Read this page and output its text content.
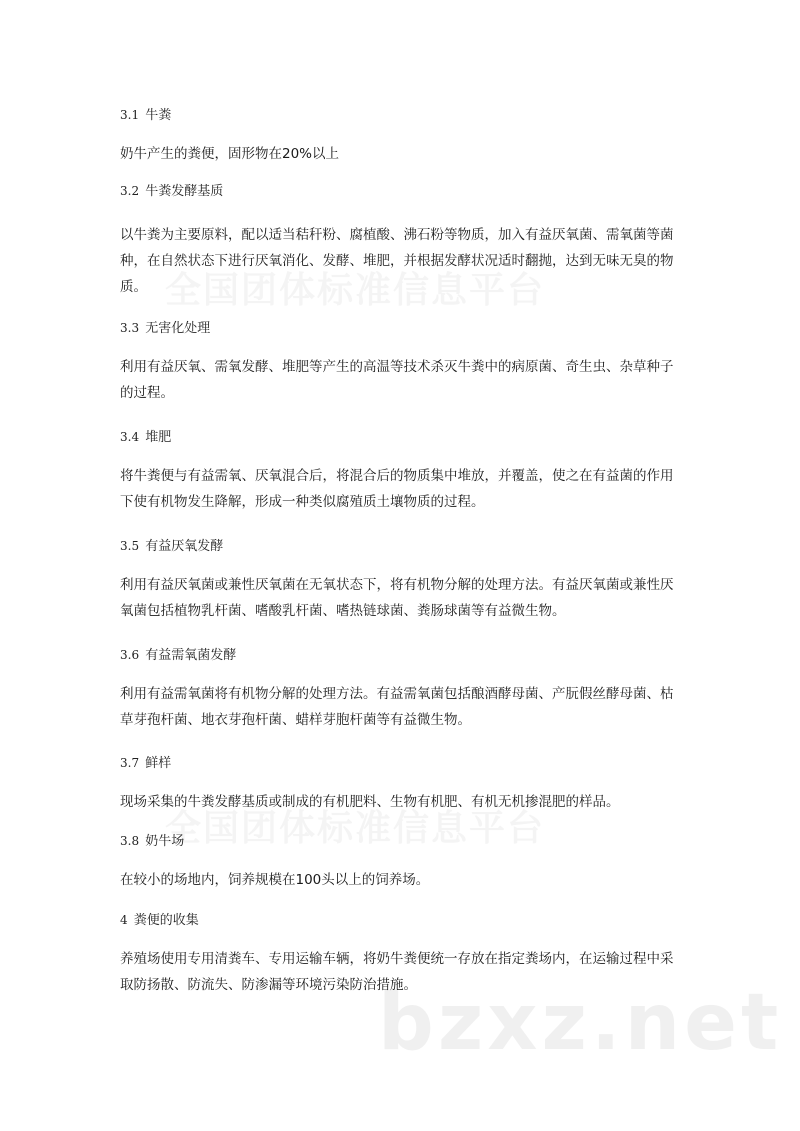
bzxz.net
3.1 牛粪
奶牛产生的粪便，固形物在20%以上
3.2 牛粪发酵基质
以牛粪为主要原料，配以适当秸秆粉、腐植酸、沸石粉等物质，加入有益厌氧菌、需氧菌等菌
种，在自然状态下进行厌氧消化、发酵、堆肥，并根据发酵状况适时翻抛，达到无味无臭的物
质。
3.3 无害化处理
利用有益厌氧、需氧发酵、堆肥等产生的高温等技术杀灭牛粪中的病原菌、奇生虫、杂草种子
的过程。
3.4 堆肥
将牛粪便与有益需氧、厌氧混合后，将混合后的物质集中堆放，并覆盖，使之在有益菌的作用
下使有机物发生降解，形成一种类似腐殖质土壤物质的过程。
3.5 有益厌氧发酵
利用有益厌氧菌或兼性厌氧菌在无氧状态下，将有机物分解的处理方法。有益厌氧菌或兼性厌
氧菌包括植物乳杆菌、嗜酸乳杆菌、嗜热链球菌、粪肠球菌等有益微生物。
3.6 有益需氧菌发酵
利用有益需氧菌将有机物分解的处理方法。有益需氧菌包括酿酒酵母菌、产朊假丝酵母菌、枯
草芽孢杆菌、地衣芽孢杆菌、蜡样芽胞杆菌等有益微生物。
3.7 鲜样
现场采集的牛粪发酵基质或制成的有机肥料、生物有机肥、有机无机掺混肥的样品。
3.8 奶牛场
在较小的场地内，饲养规模在100头以上的饲养场。
4 粪便的收集
养殖场使用专用清粪车、专用运输车辆，将奶牛粪便统一存放在指定粪场内，在运输过程中采
取防扬散、防流失、防渗漏等环境污染防治措施。
